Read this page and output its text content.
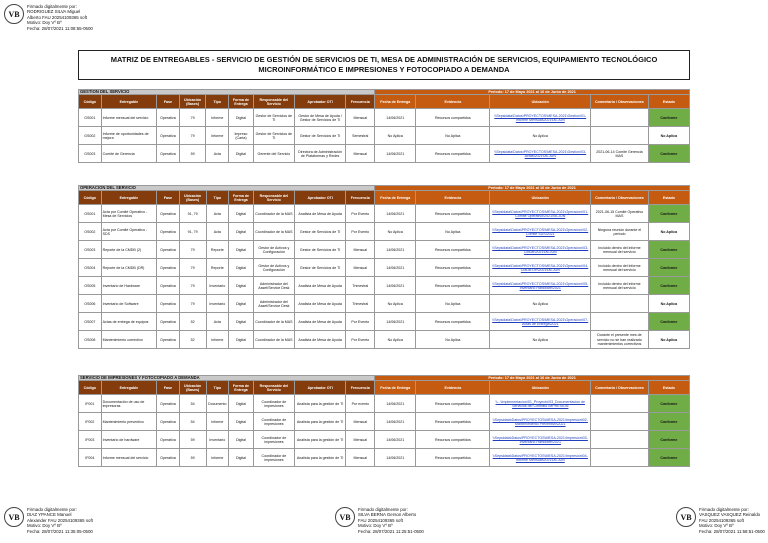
VB
Firmado digitalmente por:
RODRIGUEZ SILVA Miguel
Alberto FAU 20254109365 soft
Motivo: Doy Vº Bº
Fecha: 28/07/2021 11:08:55-0500
MATRIZ DE ENTREGABLES - SERVICIO DE GESTIÓN DE SERVICIOS DE TI, MESA DE ADMINISTRACIÓN DE SERVICIOS, EQUIPAMIENTO TECNOLÓGICO MICROINFORMÁTICO E IMPRESIONES Y FOTOCOPIADO A DEMANDA
GESTION DEL SERVICIO									Periodo: 17 de Mayo 2021 al 16 de Junio de 2021				
Código	Entregable	Fase	Ubicación (Bases)	Tipo	Forma de Entrega	Responsable del Servicio	Aprobador OTI	Frecuencia	Fecha de Entrega	Evidencia	Ubicación	Comentario / Observaciones	Estado
GS001	Informe mensual del servicio	Operativa	79	Informe	Digital	Gestor de Servicios de TI	Gestor de Mesa de Ayuda / Gestor de Servicios de TI	Mensual	14/06/2021	Recursos compartidos	\\Sepsidata\Datos\PROYECTOS\MESA-2021\Gestion\01-Informe Mensual\2021\06-JUN		Conforme
GS002	Informe de oportunidades de mejora	Operativa	79	Informe	Impreso (Carta)	Gestor de Servicios de TI	Gestor de Servicios de TI	Semestral	No Aplica	No Aplica	No Aplica		No Aplica
GS003	Comité de Gerencia	Operativa	59	Acta	Digital	Gerente del Servicio	Directora de Administración de Plataformas y Redes	Mensual	14/06/2021	Recursos compartidos	\\Sepsidata\Datos\PROYECTOS\MESA-2021\Gestion\03-Actas\2021\06-JUN	2021-06-14 Comité Gerencia MAS	Conforme
OPERACION DEL SERVICIO									Periodo: 17 de Mayo 2021 al 16 de Junio de 2021				
Código	Entregable	Fase	Ubicación (Bases)	Tipo	Forma de Entrega	Responsable del Servicio	Aprobador OTI	Frecuencia	Fecha de Entrega	Evidencia	Ubicación	Comentario / Observaciones	Estado
OS001	Acta por Comité Operativo - Mesa de Servicios	Operativa	91, 79	Acta	Digital	Coordinador de la MAS	Analista de Mesa de Ayuda	Por Evento	14/06/2021	Recursos compartidos	\\Sepsidata\Datos\PROYECTOS\MESA-2021\Operacion\01-Comite Operativo\2021\06-JUN	2021-06-15 Comité Operativo MAS	Conforme
OS002	Acta por Comité Operativo - SDS	Operativa	91, 79	Acta	Digital	Coordinador de la MAS	Gestor de Servicios de TI	Por Evento	No Aplica	No Aplica	\\Sepsidata\Datos\PROYECTOS\MESA-2021\Operacion\02-Comite SDS\2021	Ninguna reunión durante el periodo	No Aplica
OS003	Reporte de la CMDB (2)	Operativa	79	Reporte	Digital	Gestor de Activos y Configuración	Gestor de Servicios de TI	Mensual	14/06/2021	Recursos compartidos	\\Sepsidata\Datos\PROYECTOS\MESA-2021\Operacion\03-CMDB\2021\06-JUN	Incluido dentro del informe mensual del servicio	Conforme
OS004	Reporte de la CMDB (DR)	Operativa	79	Reporte	Digital	Gestor de Activos y Configuración	Gestor de Servicios de TI	Mensual	14/06/2021	Recursos compartidos	\\Sepsidata\Datos\PROYECTOS\MESA-2021\Operacion\04-CMDB DR\2021\06-JUN	Incluido dentro del informe mensual del servicio	Conforme
OS005	Inventario de Hardware	Operativa	79	Inventario	Digital	Administrador del Asset/Service Desk	Analista de Mesa de Ayuda	Trimestral	14/06/2021	Recursos compartidos	\\Sepsidata\Datos\PROYECTOS\MESA-2021\Operacion\05-Inventario Hardware\2021	Incluido dentro del informe mensual del servicio	Conforme
OS006	Inventario de Software	Operativa	79	Inventario	Digital	Administrador del Asset/Service Desk	Analista de Mesa de Ayuda	Trimestral	No Aplica	No Aplica	No Aplica		No Aplica
OS007	Actas de entrega de equipos	Operativa	52	Acta	Digital	Coordinador de la MAS	Analista de Mesa de Ayuda	Por Evento	14/06/2021	Recursos compartidos	\\Sepsidata\Datos\PROYECTOS\MESA-2021\Operacion\07-Actas de Entrega\2021		Conforme
OS008	Mantenimiento correctivo	Operativa	52	Informe	Digital	Coordinador de la MAS	Analista de Mesa de Ayuda	Por Evento	No Aplica	No Aplica	No Aplica	Durante el presente mes de servicio no se han realizado mantenimientos correctivos	No Aplica
SERVICIO DE IMPRESIONES Y FOTOCOPIADO A DEMANDA									Periodo: 17 de Mayo 2021 al 16 de Junio de 2021				
Código	Entregable	Fase	Ubicación (Bases)	Tipo	Forma de Entrega	Responsable del Servicio	Aprobador OTI	Frecuencia	Fecha de Entrega	Evidencia	Ubicación	Comentario / Observaciones	Estado
IF001	Documentación de uso de impresoras	Operativa	54	Documento	Digital	Coordinador de impresiones	Analista para la gestión de TI	Por evento	14/06/2021	Recursos compartidos	\\...\Implementacion\01_Proyecto\03_Documentacion de Servicios del Contrato IMPRESION		Conforme
IF002	Mantenimiento preventivo	Operativa	54	Informe	Digital	Coordinador de impresiones	Analista para la gestión de TI	Mensual	14/06/2021	Recursos compartidos	\\Sepsidata\Datos\PROYECTOS\MESA-2021\Impresion\02-Mantenimiento Preventivo\2021		Conforme
IF003	Inventario de hardware	Operativa	59	Inventario	Digital	Coordinador de impresiones	Analista para la gestión de TI	Mensual	14/06/2021	Recursos compartidos	\\Sepsidata\Datos\PROYECTOS\MESA-2021\Impresion\03-Inventario Hardware\2021		Conforme
IF004	Informe mensual del servicio	Operativa	59	Informe	Digital	Coordinador de impresiones	Analista para la gestión de TI	Mensual	14/06/2021	Recursos compartidos	\\Sepsidata\Datos\PROYECTOS\MESA-2021\Impresion\04-Informe Mensual\2021\06-JUN		Conforme
VB
Firmado digitalmente por:
DIAZ YPANCE Manuel
Alexander FAU 20254109365 soft
Motivo: Doy Vº Bº
Fecha: 28/07/2021 11:35:05-0500
VB
Firmado digitalmente por:
SILVA BERNA Gerson Alberto
FAU 20254109365 soft
Motivo: Doy Vº Bº
Fecha: 28/07/2021 11:25:51-0500
VB
Firmado digitalmente por:
VASQUEZ VASQUEZ Reinaldo
FAU 20254109365 soft
Motivo: Doy Vº Bº
Fecha: 28/07/2021 11:58:51-0500
